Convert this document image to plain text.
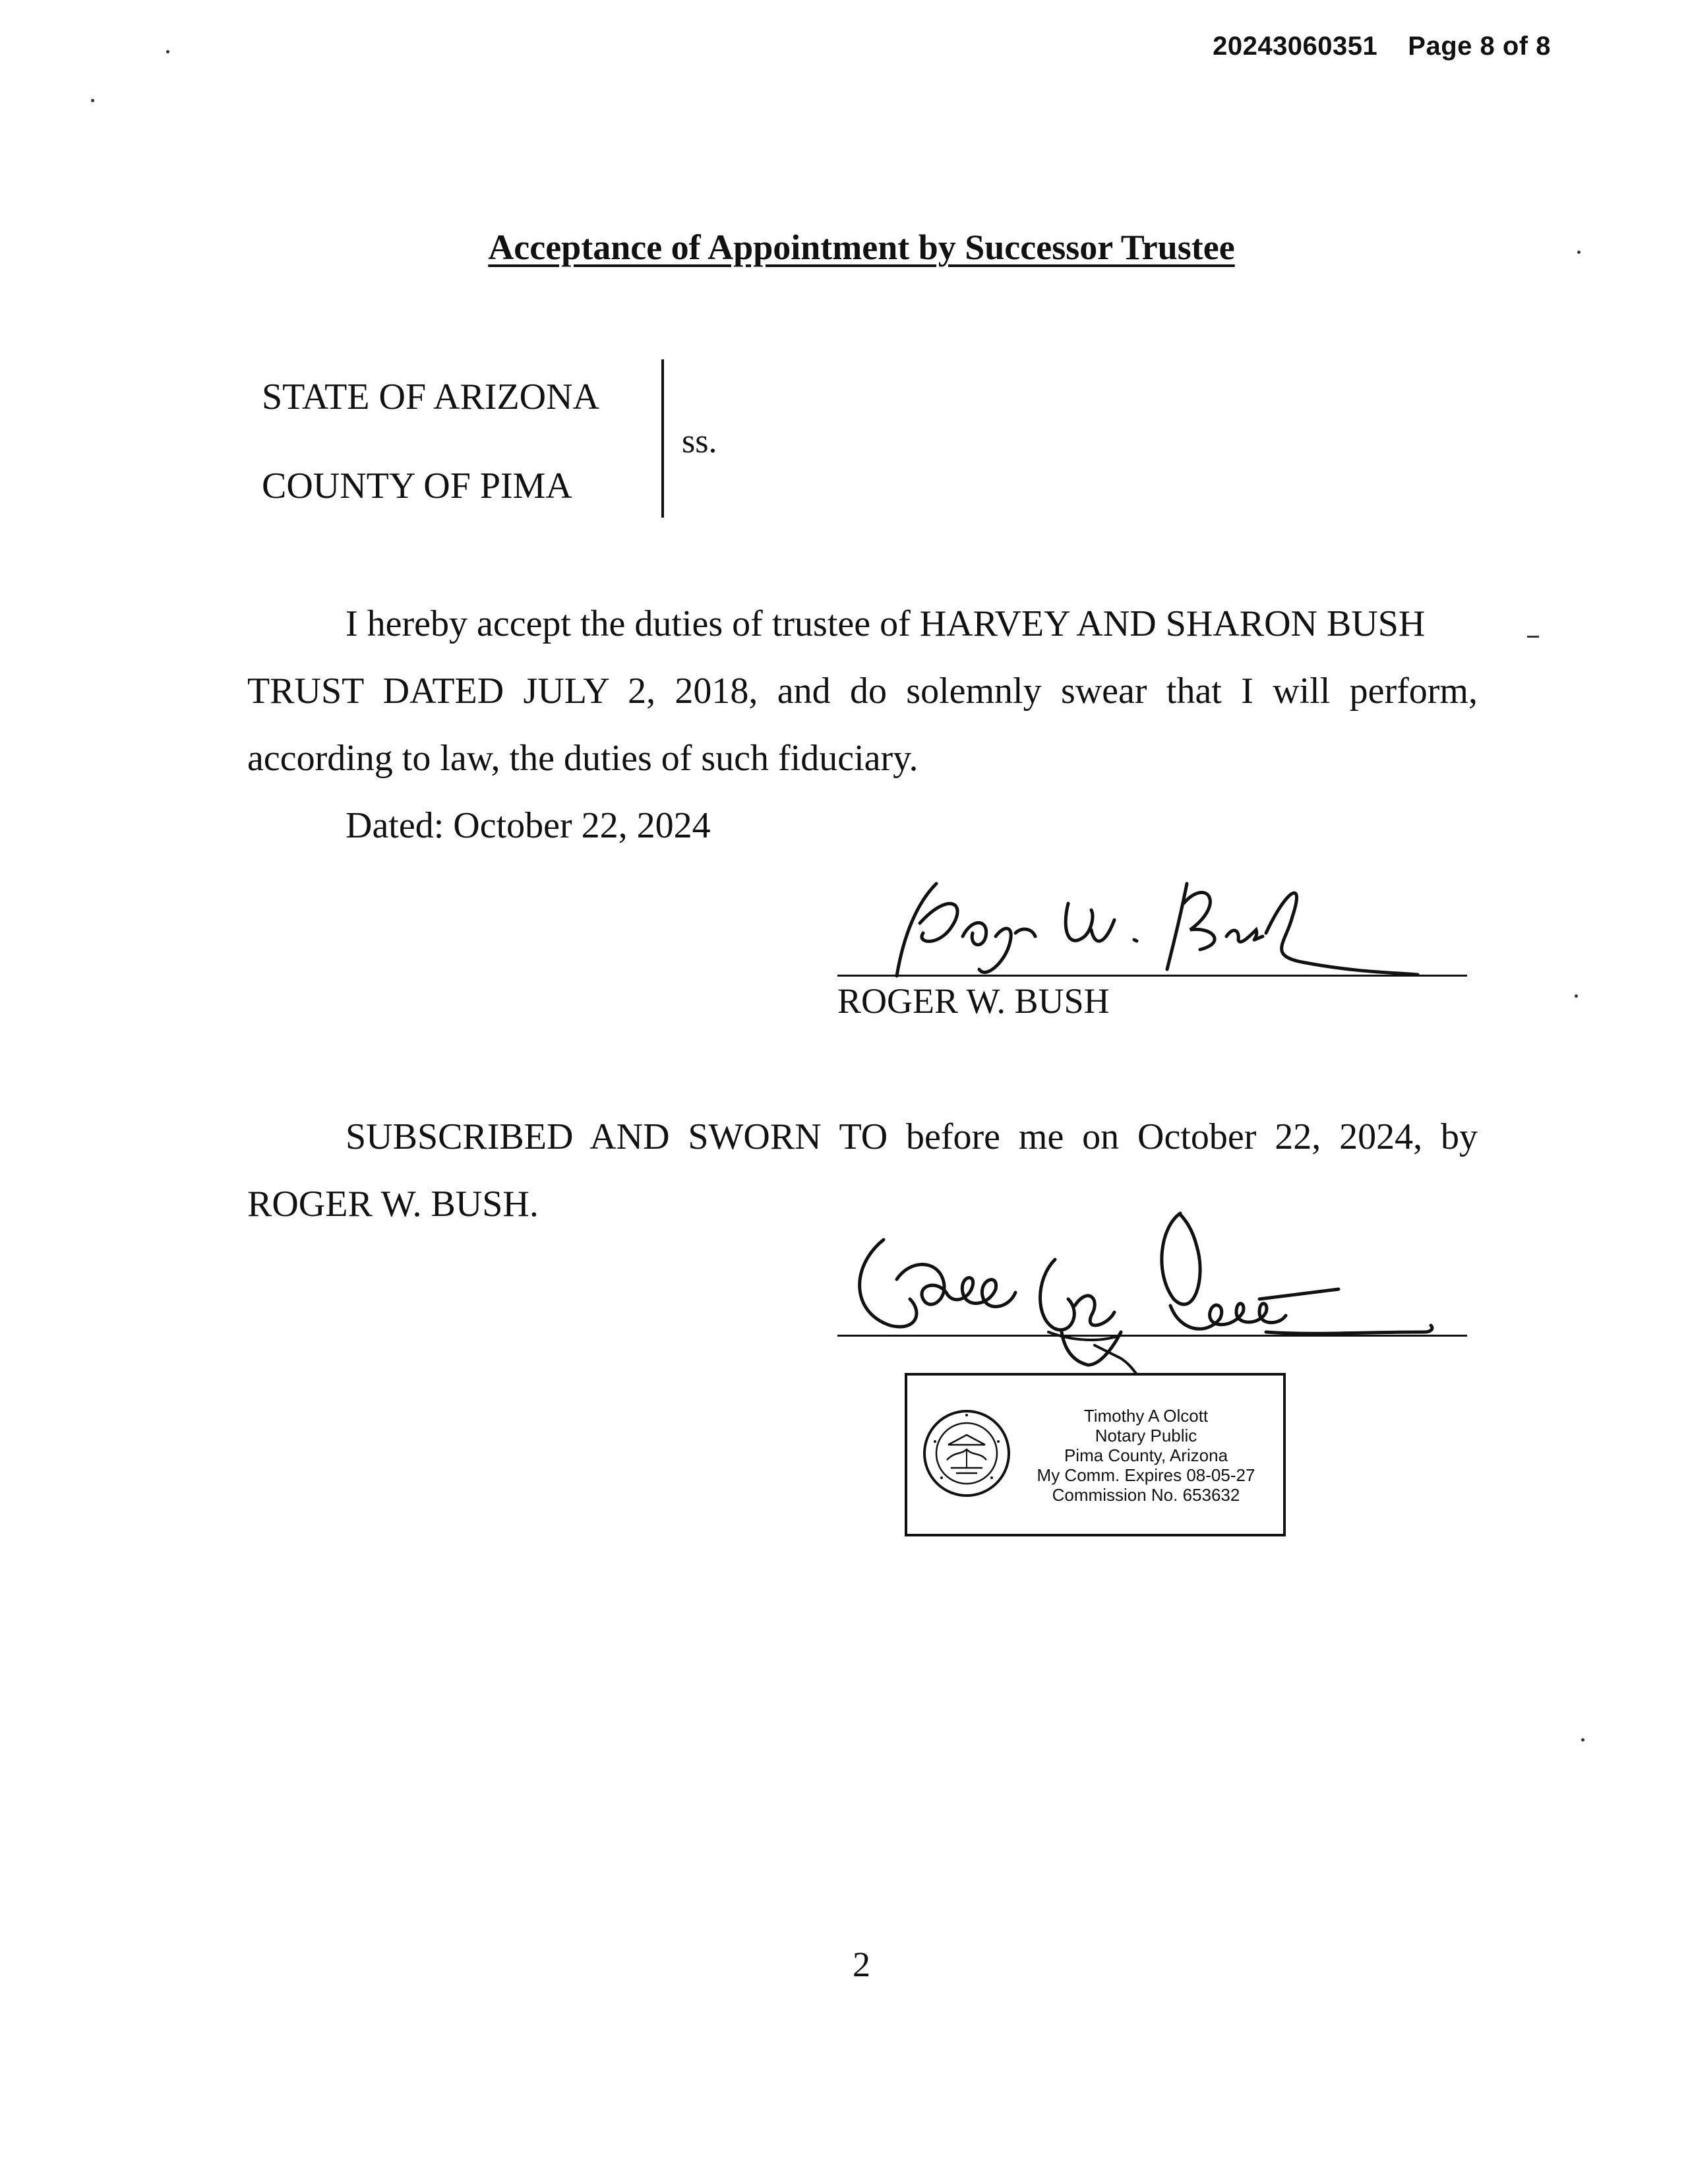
20243060351 Page 8 of 8
Acceptance of Appointment by Successor Trustee
STATE OF ARIZONA
COUNTY OF PIMA
ss.
I hereby accept the duties of trustee of HARVEY AND SHARON BUSH
TRUST DATED JULY 2, 2018, and do solemnly swear that I will perform,
according to law, the duties of such fiduciary.
Dated: October 22, 2024
ROGER W. BUSH
SUBSCRIBED AND SWORN TO before me on October 22, 2024, by
ROGER W. BUSH.
Timothy A Olcott
Notary Public
Pima County, Arizona
My Comm. Expires 08-05-27
Commission No. 653632
2
